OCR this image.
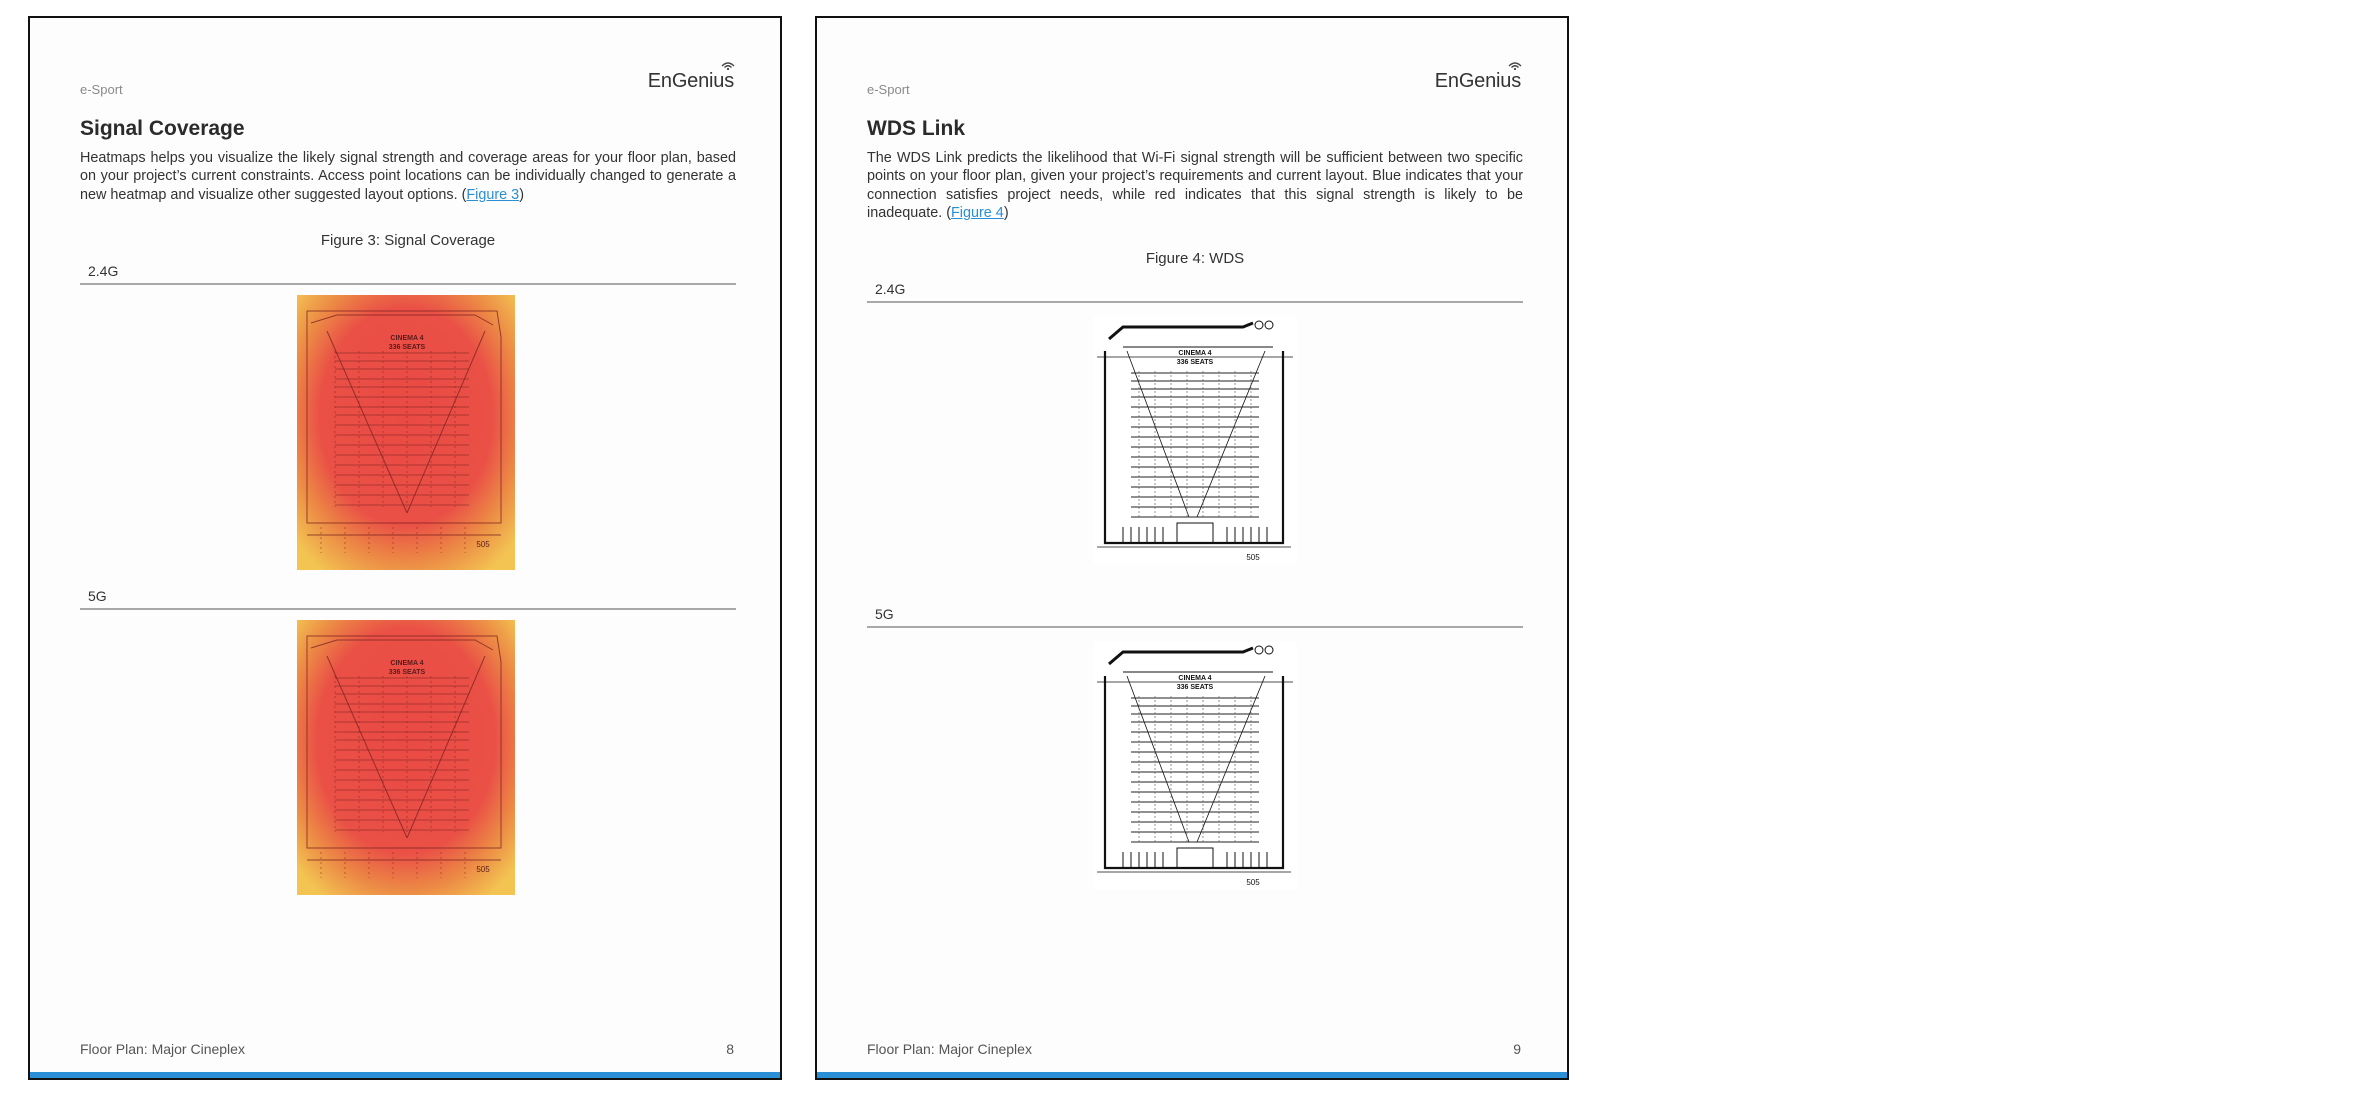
e-Sport	EnGenius
Signal Coverage
Heatmaps helps you visualize the likely signal strength and coverage areas for your floor plan, based on your project’s current constraints. Access point locations can be individually changed to generate a new heatmap and visualize other suggested layout options. (Figure 3)
Figure 3: Signal Coverage
2.4G
CINEMA 4
336 SEATS
505
5G
CINEMA 4
336 SEATS
505
Floor Plan: Major Cineplex	8
e-Sport	EnGenius
WDS Link
The WDS Link predicts the likelihood that Wi-Fi signal strength will be sufficient between two specific points on your floor plan, given your project’s requirements and current layout. Blue indicates that your connection satisfies project needs, while red indicates that this signal strength is likely to be inadequate. (Figure 4)
Figure 4: WDS
2.4G
CINEMA 4
336 SEATS
505
5G
CINEMA 4
336 SEATS
505
Floor Plan: Major Cineplex	9
